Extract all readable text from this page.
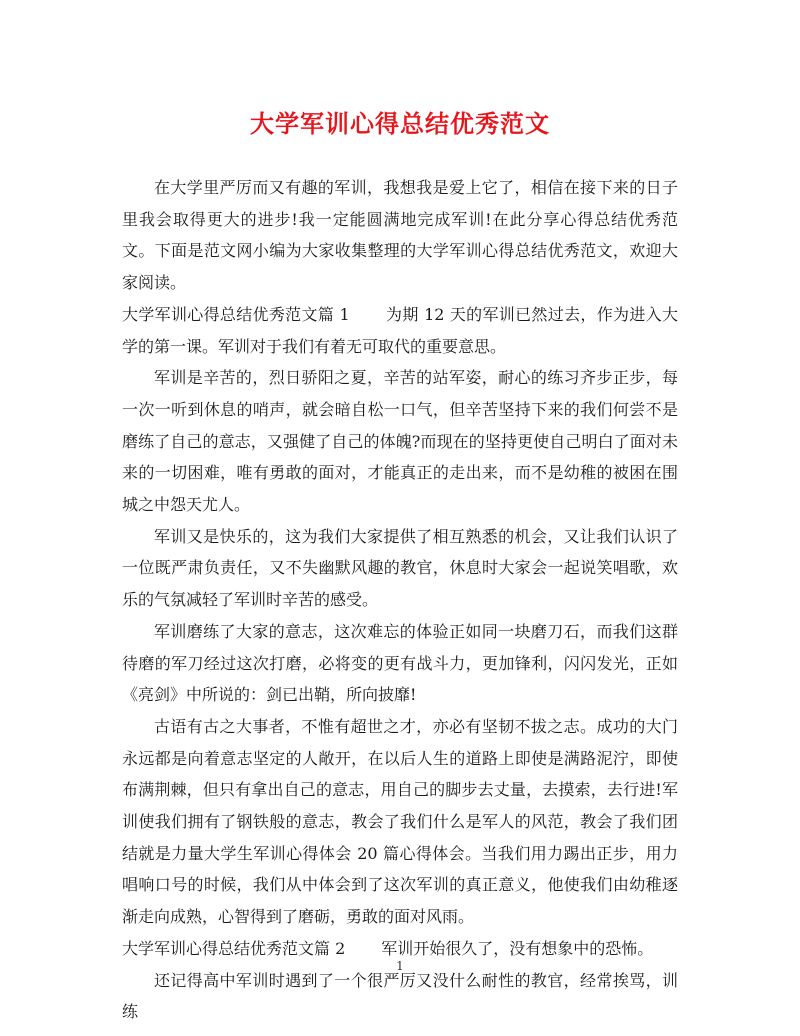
大学军训心得总结优秀范文

在大学里严厉而又有趣的军训，我想我是爱上它了，相信在接下来的日子里我会取得更大的进步!我一定能圆满地完成军训!在此分享心得总结优秀范文。下面是范文网小编为大家收集整理的大学军训心得总结优秀范文，欢迎大家阅读。

大学军训心得总结优秀范文篇 1 为期 12 天的军训已然过去，作为进入大学的第一课。军训对于我们有着无可取代的重要意思。

军训是辛苦的，烈日骄阳之夏，辛苦的站军姿，耐心的练习齐步正步，每一次一听到休息的哨声，就会暗自松一口气，但辛苦坚持下来的我们何尝不是磨练了自己的意志，又强健了自己的体魄?而现在的坚持更使自己明白了面对未来的一切困难，唯有勇敢的面对，才能真正的走出来，而不是幼稚的被困在围城之中怨天尤人。

军训又是快乐的，这为我们大家提供了相互熟悉的机会，又让我们认识了一位既严肃负责任，又不失幽默风趣的教官，休息时大家会一起说笑唱歌，欢乐的气氛减轻了军训时辛苦的感受。

军训磨练了大家的意志，这次难忘的体验正如同一块磨刀石，而我们这群待磨的军刀经过这次打磨，必将变的更有战斗力，更加锋利，闪闪发光，正如《亮剑》中所说的：剑已出鞘，所向披靡!

古语有古之大事者，不惟有超世之才，亦必有坚韧不拔之志。成功的大门永远都是向着意志坚定的人敞开，在以后人生的道路上即使是满路泥泞，即使布满荆棘，但只有拿出自己的意志，用自己的脚步去丈量，去摸索，去行进!军训使我们拥有了钢铁般的意志，教会了我们什么是军人的风范，教会了我们团结就是力量大学生军训心得体会 20 篇心得体会。当我们用力踢出正步，用力唱响口号的时候，我们从中体会到了这次军训的真正意义，他使我们由幼稚逐渐走向成熟，心智得到了磨砺，勇敢的面对风雨。

大学军训心得总结优秀范文篇 2 军训开始很久了，没有想象中的恐怖。

还记得高中军训时遇到了一个很严厉又没什么耐性的教官，经常挨骂，训练

1
